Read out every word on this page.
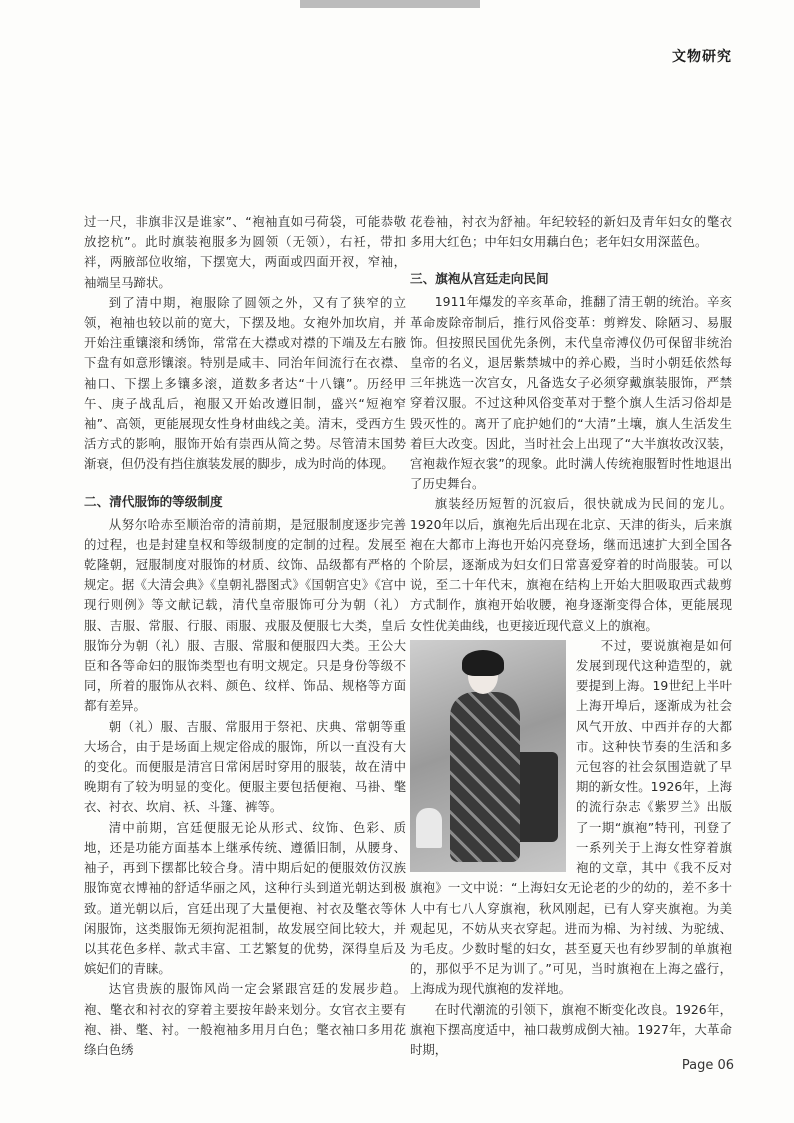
文物研究

过一尺，非旗非汉是谁家”、“袍袖直如弓荷袋，可能恭敬放挖杭”。此时旗装袍服多为圆领（无领），右衽，带扣袢，两腋部位收缩，下摆宽大，两面或四面开衩，窄袖，袖端呈马蹄状。

到了清中期，袍服除了圆领之外，又有了狭窄的立领，袍袖也较以前的宽大，下摆及地。女袍外加坎肩，并开始注重镶滚和绣饰，常常在大襟或对襟的下端及左右腋下盘有如意形镶滚。特别是咸丰、同治年间流行在衣襟、袖口、下摆上多镶多滚，道数多者达“十八镶”。历经甲午、庚子战乱后，袍服又开始改遵旧制，盛兴“短袍窄袖”、高领，更能展现女性身材曲线之美。清末，受西方生活方式的影响，服饰开始有崇西从简之势。尽管清末国势渐衰，但仍没有挡住旗装发展的脚步，成为时尚的体现。

二、清代服饰的等级制度

从努尔哈赤至顺治帝的清前期，是冠服制度逐步完善的过程，也是封建皇权和等级制度的定制的过程。发展至乾隆朝，冠服制度对服饰的材质、纹饰、品级都有严格的规定。据《大清会典》《皇朝礼器图式》《国朝宫史》《宫中现行则例》等文献记载，清代皇帝服饰可分为朝（礼）服、吉服、常服、行服、雨服、戎服及便服七大类，皇后服饰分为朝（礼）服、吉服、常服和便服四大类。王公大臣和各等命妇的服饰类型也有明文规定。只是身份等级不同，所着的服饰从衣料、颜色、纹样、饰品、规格等方面都有差异。

朝（礼）服、吉服、常服用于祭祀、庆典、常朝等重大场合，由于是场面上规定俗成的服饰，所以一直没有大的变化。而便服是清宫日常闲居时穿用的服装，故在清中晚期有了较为明显的变化。便服主要包括便袍、马褂、氅衣、衬衣、坎肩、袄、斗篷、裤等。

清中前期，宫廷便服无论从形式、纹饰、色彩、质地，还是功能方面基本上继承传统、遵循旧制，从腰身、袖子，再到下摆都比较合身。清中期后妃的便服效仿汉族服饰宽衣博袖的舒适华丽之风，这种行头到道光朝达到极致。道光朝以后，宫廷出现了大量便袍、衬衣及氅衣等休闲服饰，这类服饰无须拘泥祖制，故发展空间比较大，并以其花色多样、款式丰富、工艺繁复的优势，深得皇后及嫔妃们的青睐。

达官贵族的服饰风尚一定会紧跟宫廷的发展步趋。袍、氅衣和衬衣的穿着主要按年龄来划分。女官衣主要有袍、褂、氅、衬。一般袍袖多用月白色；氅衣袖口多用花绦白色绣

花卷袖，衬衣为舒袖。年纪较轻的新妇及青年妇女的氅衣多用大红色；中年妇女用藕白色；老年妇女用深蓝色。

三、旗袍从宫廷走向民间

1911年爆发的辛亥革命，推翻了清王朝的统治。辛亥革命废除帝制后，推行风俗变革：剪辫发、除陋习、易服饰。但按照民国优先条例，末代皇帝溥仪仍可保留非统治皇帝的名义，退居紫禁城中的养心殿，当时小朝廷依然每三年挑选一次宫女，凡备选女子必须穿戴旗装服饰，严禁穿着汉服。不过这种风俗变革对于整个旗人生活习俗却是毁灭性的。离开了庇护她们的“大清”土壤，旗人生活发生着巨大改变。因此，当时社会上出现了“大半旗妆改汉装，宫袍裁作短衣裳”的现象。此时满人传统袍服暂时性地退出了历史舞台。

旗装经历短暂的沉寂后，很快就成为民间的宠儿。1920年以后，旗袍先后出现在北京、天津的街头，后来旗袍在大都市上海也开始闪亮登场，继而迅速扩大到全国各个阶层，逐渐成为妇女们日常喜爱穿着的时尚服装。可以说，至二十年代末，旗袍在结构上开始大胆吸取西式裁剪方式制作，旗袍开始收腰，袍身逐渐变得合体，更能展现女性优美曲线，也更接近现代意义上的旗袍。

不过，要说旗袍是如何发展到现代这种造型的，就要提到上海。19世纪上半叶上海开埠后，逐渐成为社会风气开放、中西并存的大都市。这种快节奏的生活和多元包容的社会氛围造就了早期的新女性。1926年，上海的流行杂志《紫罗兰》出版了一期“旗袍”特刊，刊登了一系列关于上海女性穿着旗袍的文章，其中《我不反对旗袍》一文中说：“上海妇女无论老的少的幼的，差不多十人中有七八人穿旗袍，秋风刚起，已有人穿夹旗袍。为美观起见，不妨从夹衣穿起。进而为棉、为衬绒、为驼绒、为毛皮。少数时髦的妇女，甚至夏天也有纱罗制的单旗袍的，那似乎不足为训了。”可见，当时旗袍在上海之盛行，上海成为现代旗袍的发祥地。

在时代潮流的引领下，旗袍不断变化改良。1926年，旗袍下摆高度适中，袖口裁剪成倒大袖。1927年，大革命时期，

Page 06
